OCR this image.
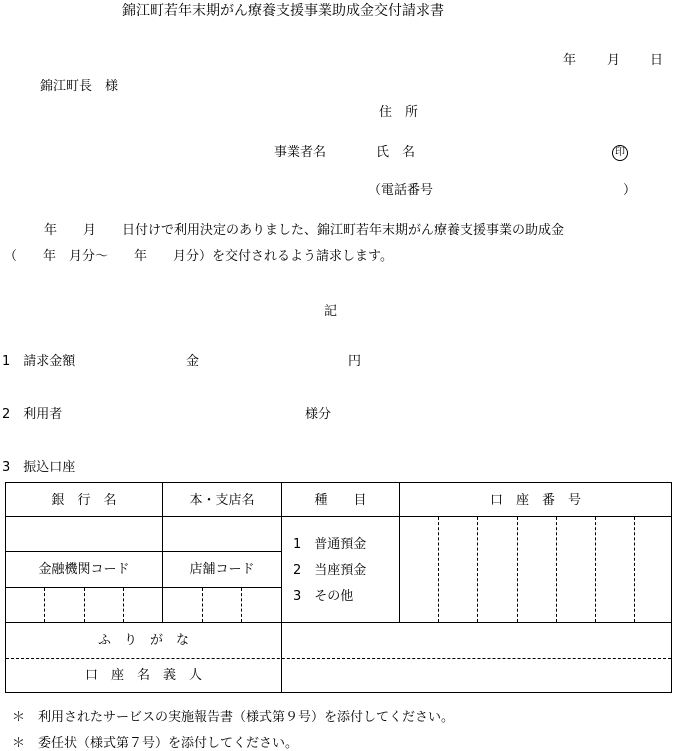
錦江町若年末期がん療養支援事業助成金交付請求書
年 月 日
錦江町長　様
住　所
事業者名	氏　名	印
（電話番号	）
年　　月　　日付けで利用決定のありました、錦江町若年末期がん療養支援事業の助成金
（　　年　月分～　　年　　月分）を交付されるよう請求します。
記
1　請求金額	金	円
2　利用者	様分
3　振込口座
銀　行　名	本・支店名	種　　目	口　座　番　号
金融機関コード	店舗コード
1　普通預金
2　当座預金
3　その他
ふ　り　が　な
口　座　名　義　人
＊　利用されたサービスの実施報告書（様式第９号）を添付してください。
＊　委任状（様式第７号）を添付してください。
